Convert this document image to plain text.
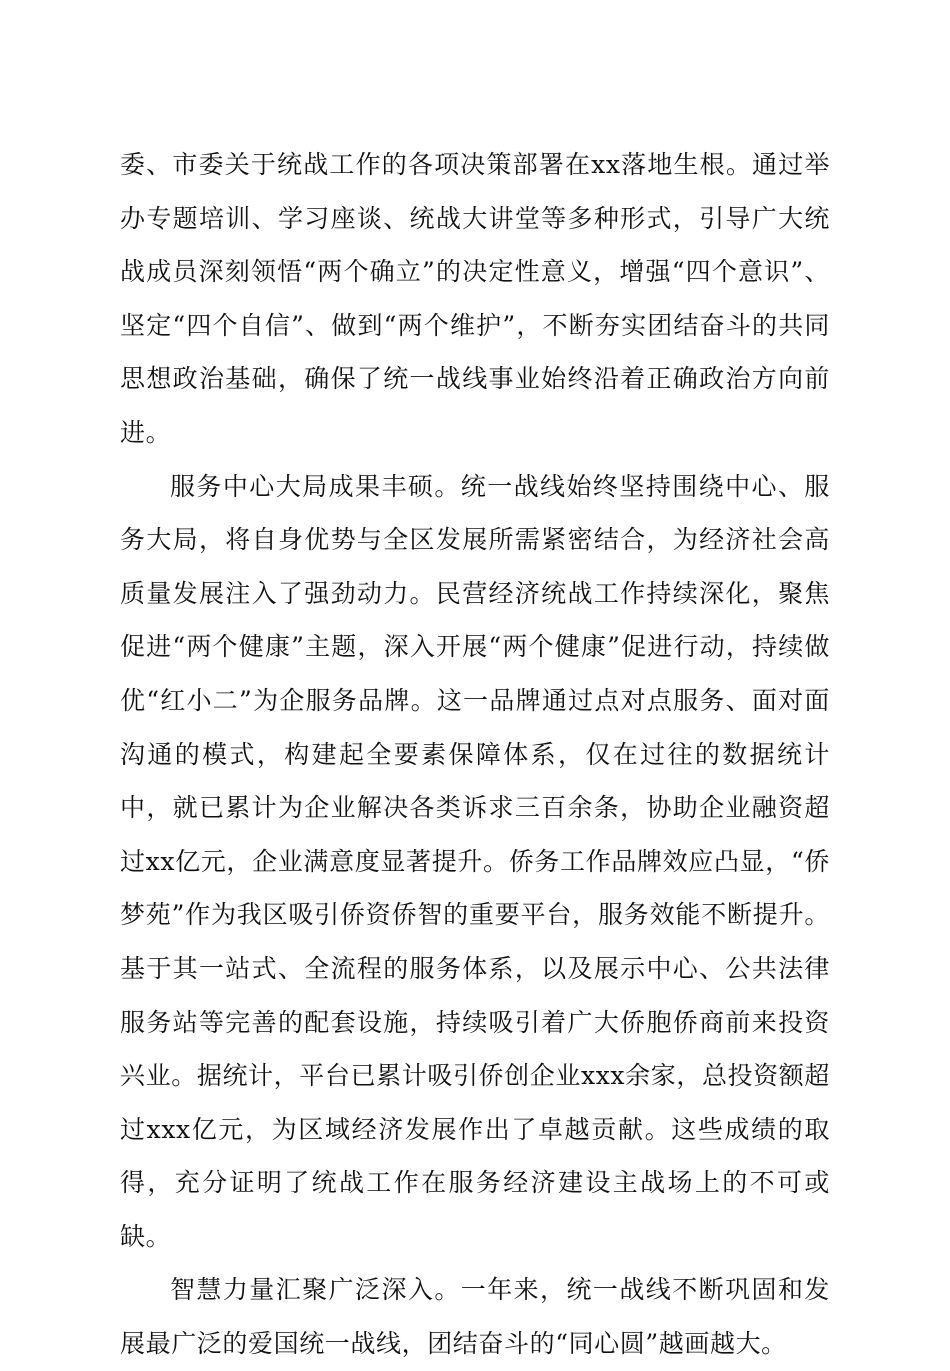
委、市委关于统战工作的各项决策部署在xx落地生根。通过举办专题培训、学习座谈、统战大讲堂等多种形式，引导广大统战成员深刻领悟“两个确立”的决定性意义，增强“四个意识”、坚定“四个自信”、做到“两个维护”，不断夯实团结奋斗的共同思想政治基础，确保了统一战线事业始终沿着正确政治方向前进。

服务中心大局成果丰硕。统一战线始终坚持围绕中心、服务大局，将自身优势与全区发展所需紧密结合，为经济社会高质量发展注入了强劲动力。民营经济统战工作持续深化，聚焦促进“两个健康”主题，深入开展“两个健康”促进行动，持续做优“红小二”为企服务品牌。这一品牌通过点对点服务、面对面沟通的模式，构建起全要素保障体系，仅在过往的数据统计中，就已累计为企业解决各类诉求三百余条，协助企业融资超过xx亿元，企业满意度显著提升。侨务工作品牌效应凸显，“侨梦苑”作为我区吸引侨资侨智的重要平台，服务效能不断提升。基于其一站式、全流程的服务体系，以及展示中心、公共法律服务站等完善的配套设施，持续吸引着广大侨胞侨商前来投资兴业。据统计，平台已累计吸引侨创企业xxx余家，总投资额超过xxx亿元，为区域经济发展作出了卓越贡献。这些成绩的取得，充分证明了统战工作在服务经济建设主战场上的不可或缺。

智慧力量汇聚广泛深入。一年来，统一战线不断巩固和发展最广泛的爱国统一战线，团结奋斗的“同心圆”越画越大。
